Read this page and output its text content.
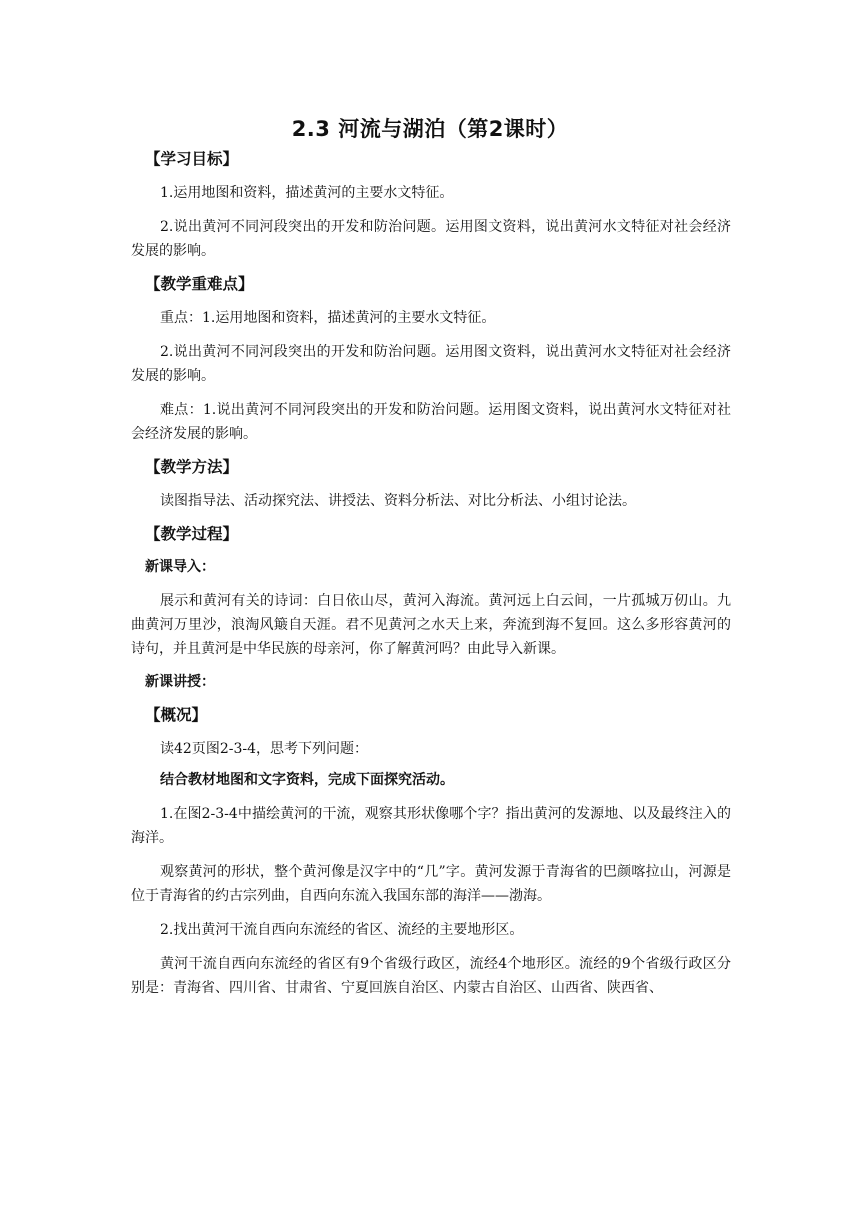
2.3 河流与湖泊（第2课时）
【学习目标】

1.运用地图和资料，描述黄河的主要水文特征。

2.说出黄河不同河段突出的开发和防治问题。运用图文资料，说出黄河水文特征对社会经济发展的影响。

【教学重难点】

重点：1.运用地图和资料，描述黄河的主要水文特征。

2.说出黄河不同河段突出的开发和防治问题。运用图文资料，说出黄河水文特征对社会经济发展的影响。

难点：1.说出黄河不同河段突出的开发和防治问题。运用图文资料，说出黄河水文特征对社会经济发展的影响。

【教学方法】

读图指导法、活动探究法、讲授法、资料分析法、对比分析法、小组讨论法。

【教学过程】
新课导入：

展示和黄河有关的诗词：白日依山尽，黄河入海流。黄河远上白云间，一片孤城万仞山。九曲黄河万里沙，浪淘风簸自天涯。君不见黄河之水天上来，奔流到海不复回。这么多形容黄河的诗句，并且黄河是中华民族的母亲河，你了解黄河吗？由此导入新课。

新课讲授：
【概况】

读42页图2-3-4，思考下列问题：

结合教材地图和文字资料，完成下面探究活动。

1.在图2-3-4中描绘黄河的干流，观察其形状像哪个字？指出黄河的发源地、以及最终注入的海洋。

观察黄河的形状，整个黄河像是汉字中的“几”字。黄河发源于青海省的巴颜喀拉山，河源是位于青海省的约古宗列曲，自西向东流入我国东部的海洋——渤海。

2.找出黄河干流自西向东流经的省区、流经的主要地形区。

黄河干流自西向东流经的省区有9个省级行政区，流经4个地形区。流经的9个省级行政区分别是：青海省、四川省、甘肃省、宁夏回族自治区、内蒙古自治区、山西省、陕西省、
